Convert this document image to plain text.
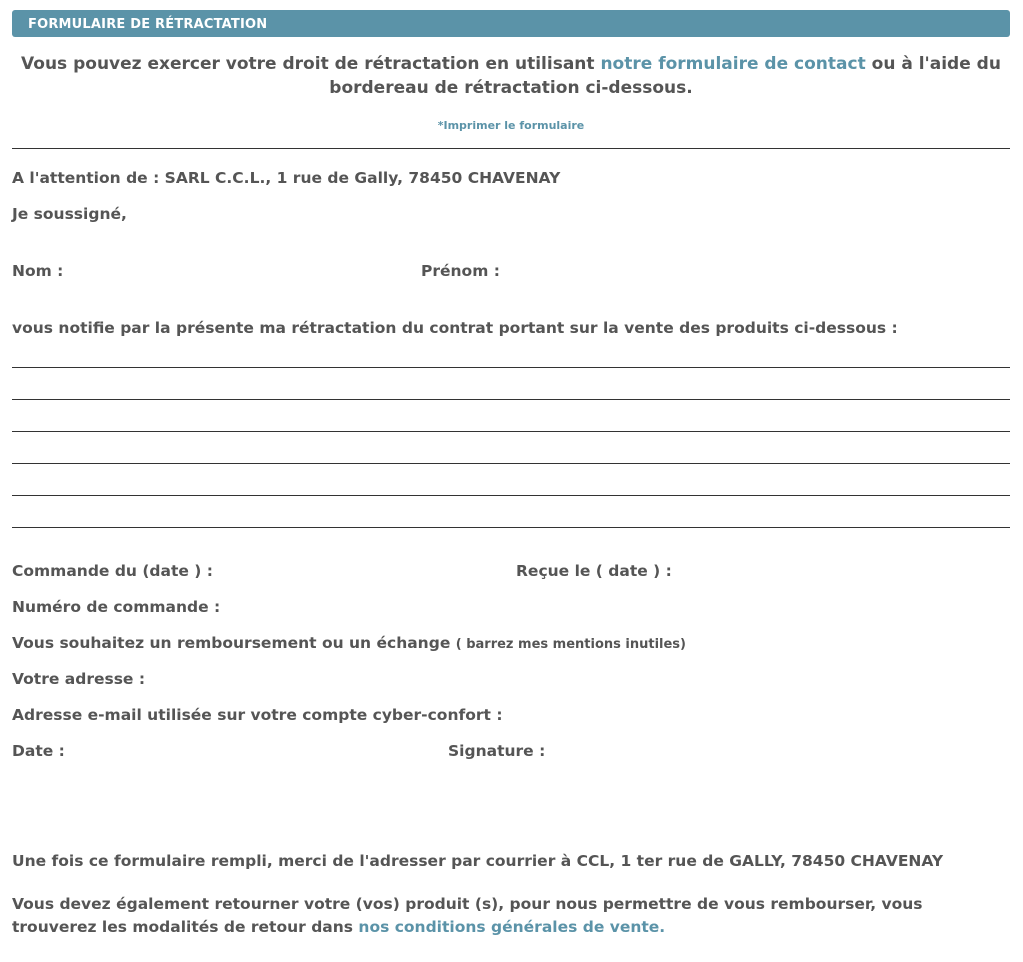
FORMULAIRE DE RÉTRACTATION
Vous pouvez exercer votre droit de rétractation en utilisant notre formulaire de contact ou à l'aide du bordereau de rétractation ci-dessous.
*Imprimer le formulaire
A l'attention de : SARL C.C.L., 1 rue de Gally, 78450 CHAVENAY
Je soussigné,
Nom :	Prénom :
vous notifie par la présente ma rétractation du contrat portant sur la vente des produits ci-dessous :
Commande du (date ) :	Reçue le ( date ) :
Numéro de commande :
Vous souhaitez un remboursement ou un échange ( barrez mes mentions inutiles)
Votre adresse :
Adresse e-mail utilisée sur votre compte cyber-confort :
Date :	Signature :
Une fois ce formulaire rempli, merci de l'adresser par courrier à CCL, 1 ter rue de GALLY, 78450 CHAVENAY
Vous devez également retourner votre (vos) produit (s), pour nous permettre de vous rembourser, vous trouverez les modalités de retour dans nos conditions générales de vente.
